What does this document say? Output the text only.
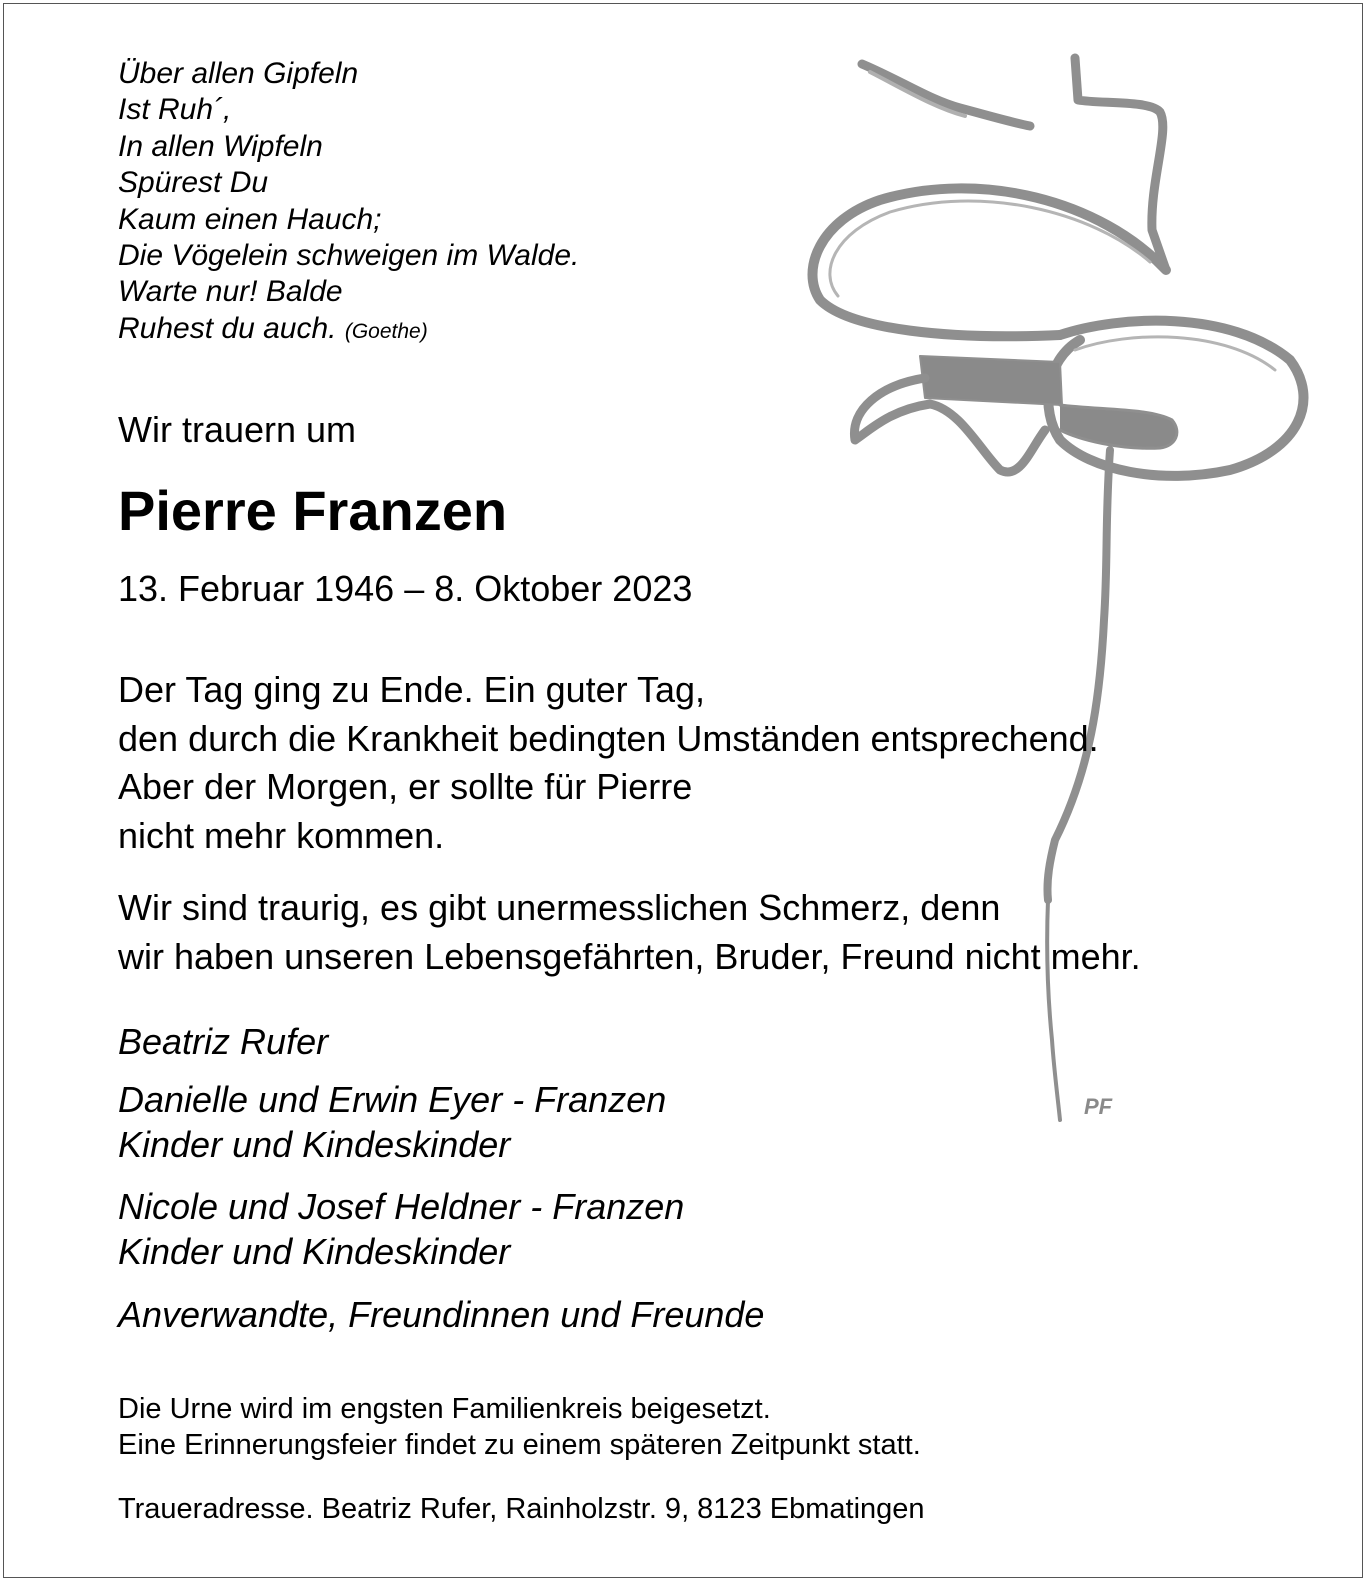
Über allen Gipfeln
Ist Ruh´,
In allen Wipfeln
Spürest Du
Kaum einen Hauch;
Die Vögelein schweigen im Walde.
Warte nur! Balde
Ruhest du auch. (Goethe)
Wir trauern um
Pierre Franzen
13. Februar 1946 – 8. Oktober 2023
Der Tag ging zu Ende. Ein guter Tag,
den durch die Krankheit bedingten Umständen entsprechend.
Aber der Morgen, er sollte für Pierre
nicht mehr kommen.
Wir sind traurig, es gibt unermesslichen Schmerz, denn
wir haben unseren Lebensgefährten, Bruder, Freund nicht mehr.
Beatriz Rufer
Danielle und Erwin Eyer - Franzen
Kinder und Kindeskinder
Nicole und Josef Heldner - Franzen
Kinder und Kindeskinder
Anverwandte, Freundinnen und Freunde
Die Urne wird im engsten Familienkreis beigesetzt.
Eine Erinnerungsfeier findet zu einem späteren Zeitpunkt statt.
Traueradresse. Beatriz Rufer, Rainholzstr. 9, 8123 Ebmatingen
PF
